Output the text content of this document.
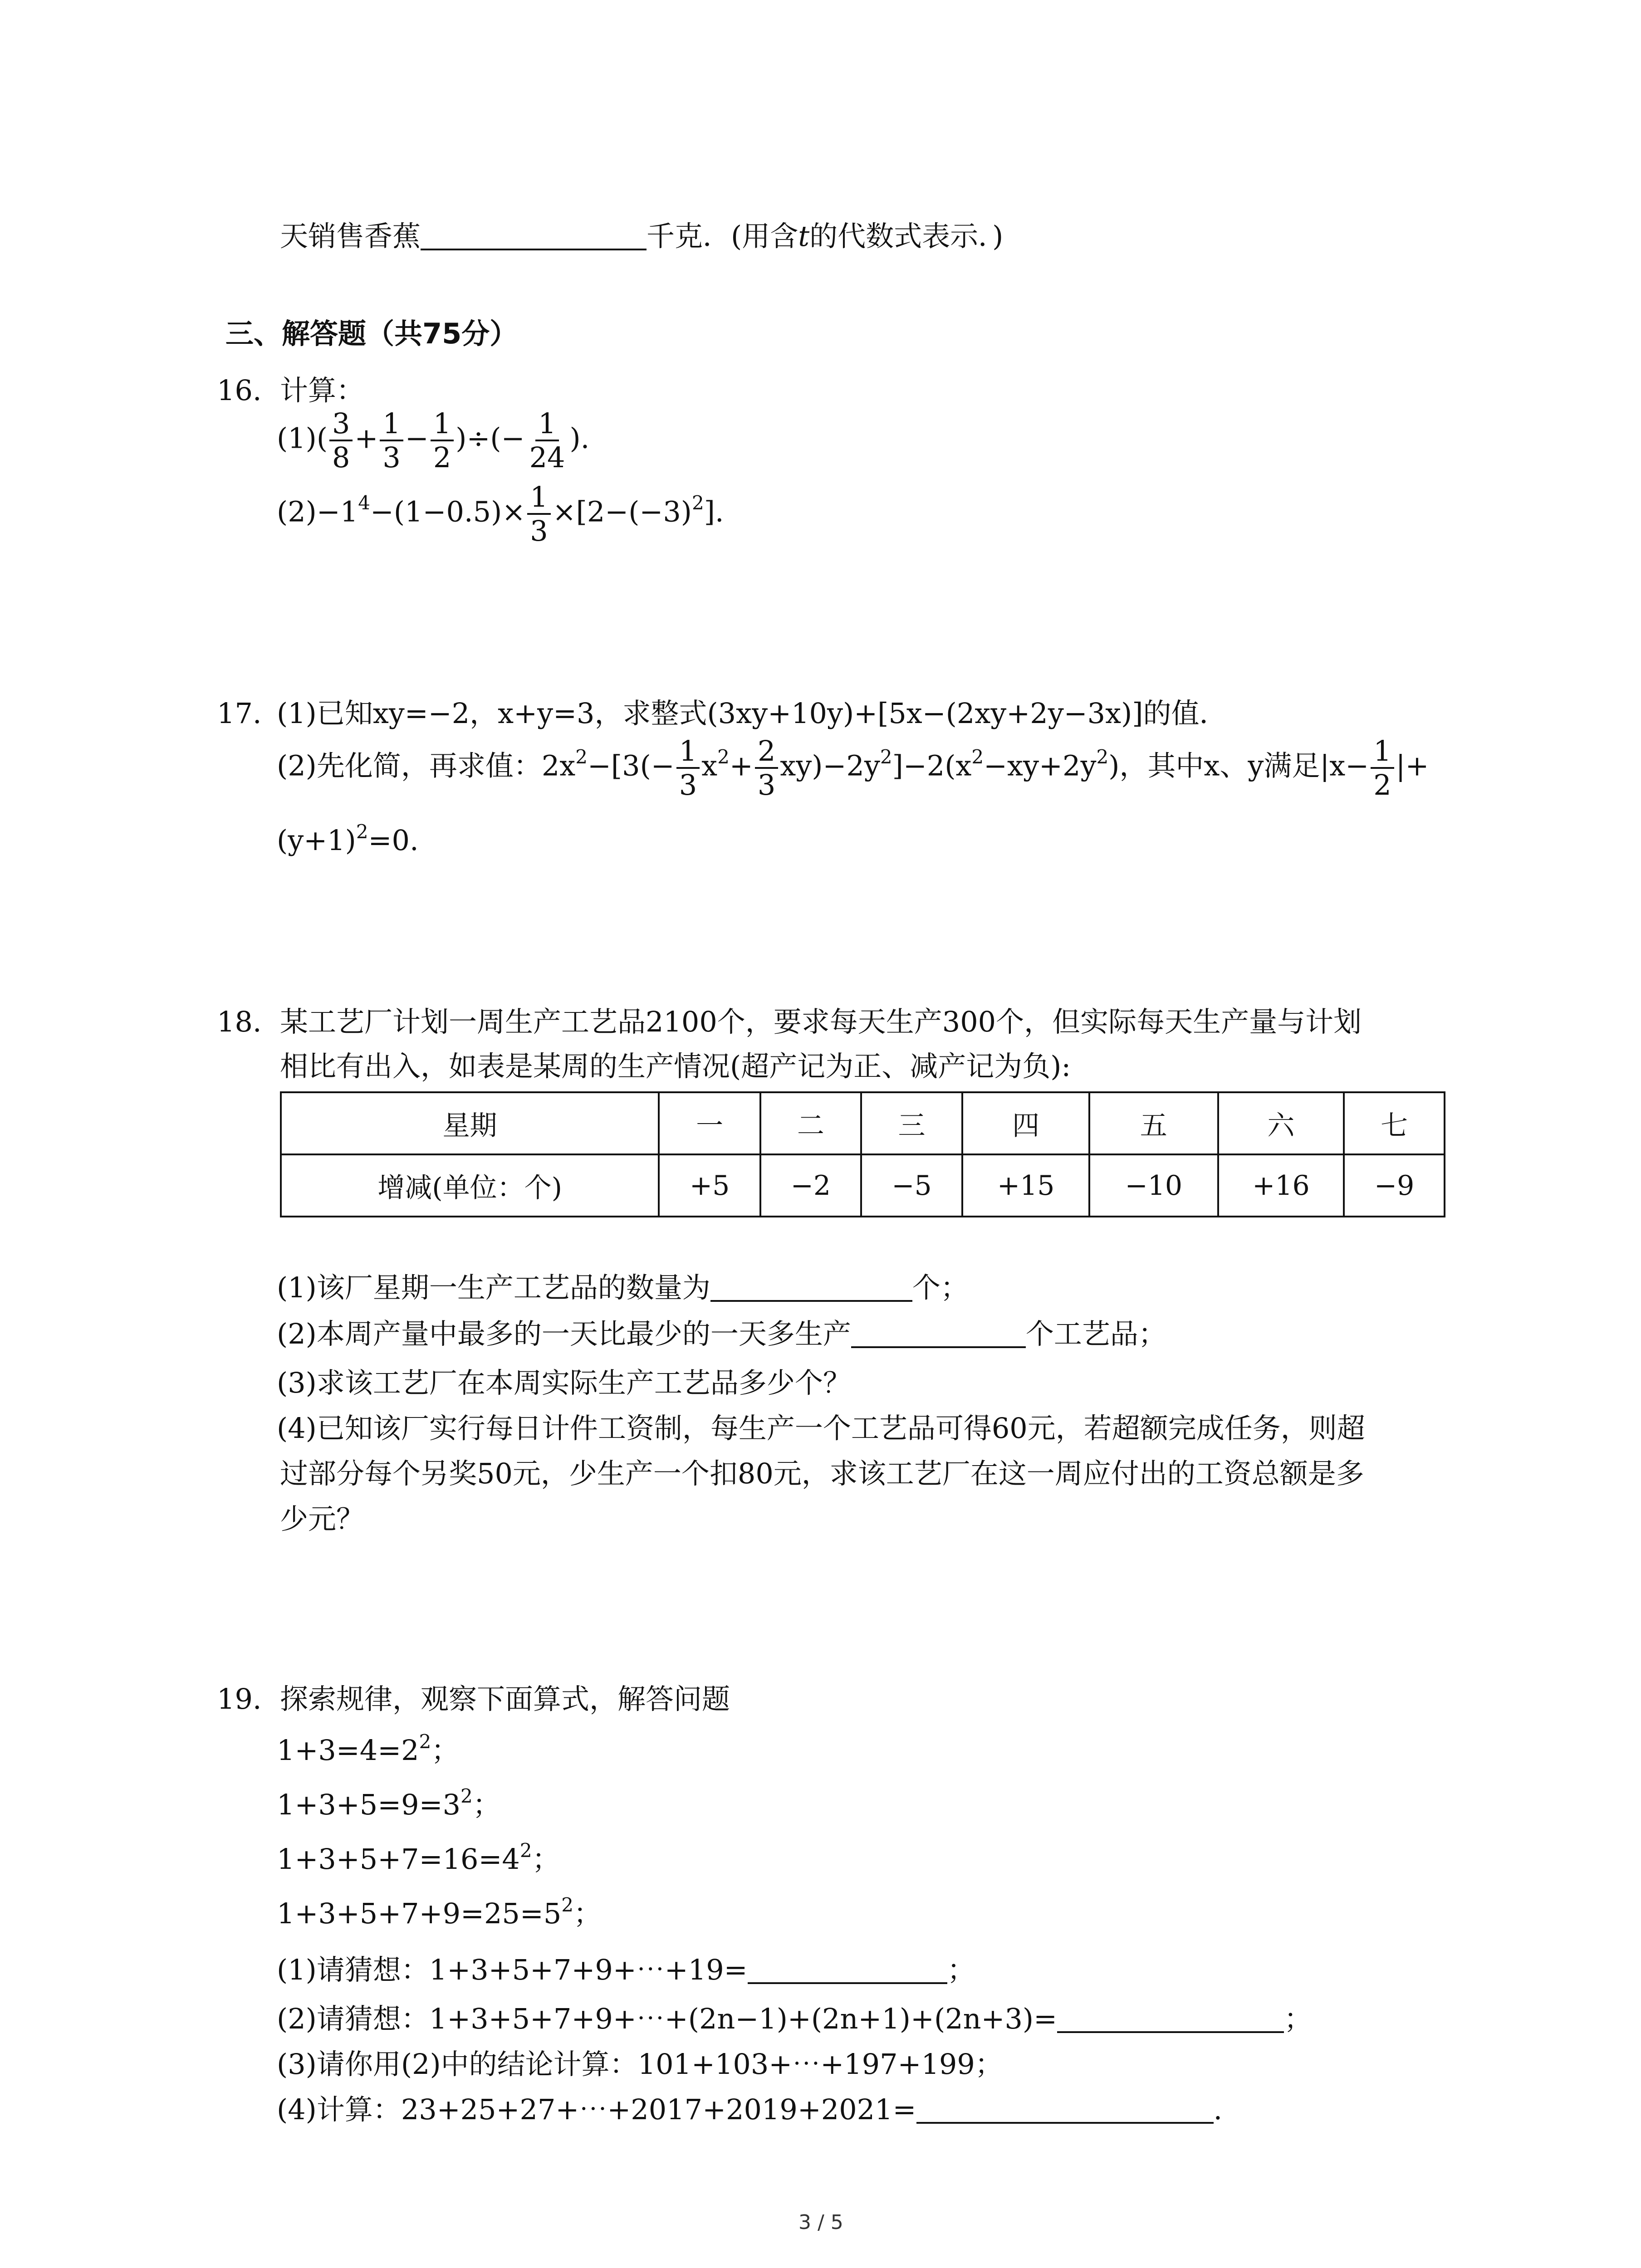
天销售香蕉	千克．(用含t的代数式表示．)
三、解答题（共75分）
16. 计算：
$(1)( \frac{3}{8} + \frac{1}{3} - \frac{1}{2}$ )÷(− $\frac{1}{24}$ ).
$(2)-1^4-(1-0.5)\times \frac{1}{3} \times[2-(-3)^2]$.
17. (1)已知xy=−2，x+y=3，求整式(3xy+10y)+[5x−(2xy+2y−3x)]的值．
(2)先化简，再求值：$2x^2-[3(- \frac{1}{3} x^2+ \frac{2}{3} xy)-2y^2]-2(x^2-xy+2y^2)$，其中x、y满足$|x- \frac{1}{2}$ |+
$(y+1)^2=0$.
18. 某工艺厂计划一周生产工艺品2100个，要求每天生产300个，但实际每天生产量与计划
相比有出入，如表是某周的生产情况(超产记为正、减产记为负):
星期	一	二	三	四	五	六	七
增减(单位：个)	+5	−2	−5	+15	−10	+16	−9
(1)该厂星期一生产工艺品的数量为	个；
(2)本周产量中最多的一天比最少的一天多生产	个工艺品；
(3)求该工艺厂在本周实际生产工艺品多少个？
(4)已知该厂实行每日计件工资制，每生产一个工艺品可得60元，若超额完成任务，则超
过部分每个另奖50元，少生产一个扣80元，求该工艺厂在这一周应付出的工资总额是多
少元？
19. 探索规律，观察下面算式，解答问题
$1+3=4=2^2$；
$1+3+5=9=3^2$；
$1+3+5+7=16=4^2$；
$1+3+5+7+9=25=5^2$；
(1)请猜想：1+3+5+7+9+⋯+19=	；
(2)请猜想：1+3+5+7+9+⋯+(2n−1)+(2n+1)+(2n+3)=	；
(3)请你用(2)中的结论计算：101+103+⋯+197+199；
(4)计算：23+25+27+⋯+2017+2019+2021=	.
3 / 5
